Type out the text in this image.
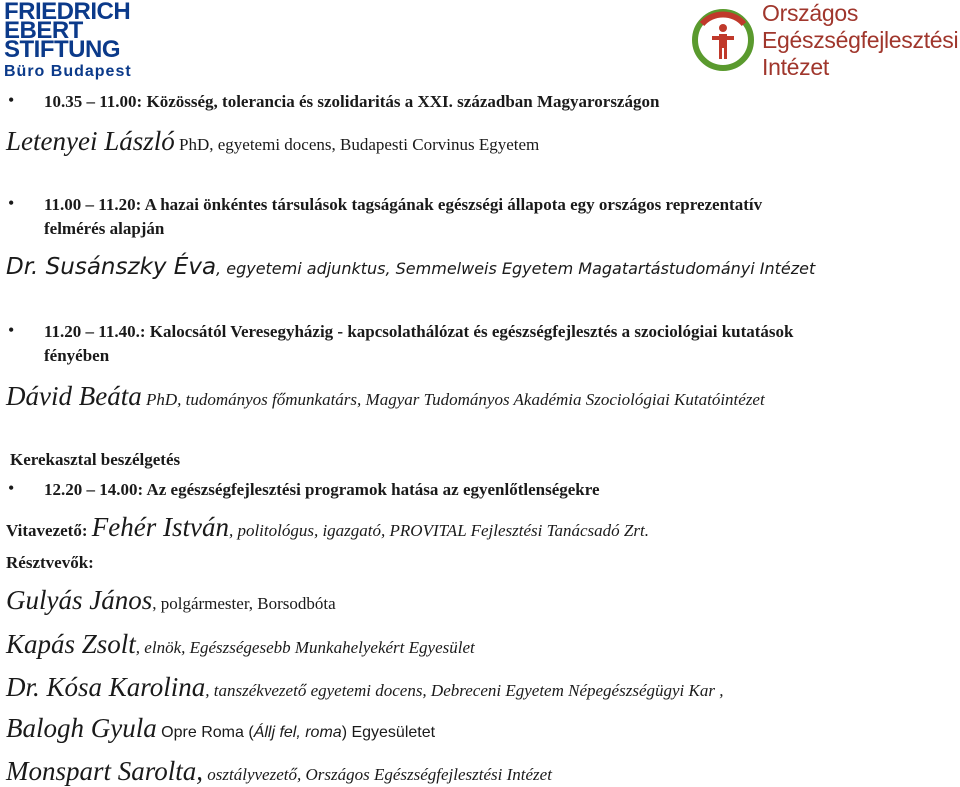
FRIEDRICH
EBERT
STIFTUNG
Büro Budapest
Országos
Egészségfejlesztési
Intézet
• 10.35 – 11.00: Közösség, tolerancia és szolidaritás a XXI. században Magyarországon
Letenyei László PhD, egyetemi docens, Budapesti Corvinus Egyetem
• 11.00 – 11.20: A hazai önkéntes társulások tagságának egészségi állapota egy országos reprezentatív
felmérés alapján
Dr. Susánszky Éva, egyetemi adjunktus, Semmelweis Egyetem Magatartástudományi Intézet
• 11.20 – 11.40.: Kalocsától Veresegyházig - kapcsolathálózat és egészségfejlesztés a szociológiai kutatások
fényében
Dávid Beáta PhD, tudományos főmunkatárs, Magyar Tudományos Akadémia Szociológiai Kutatóintézet
Kerekasztal beszélgetés
• 12.20 – 14.00: Az egészségfejlesztési programok hatása az egyenlőtlenségekre
Vitavezető: Fehér István, politológus, igazgató, PROVITAL Fejlesztési Tanácsadó Zrt.
Résztvevők:
Gulyás János, polgármester, Borsodbóta
Kapás Zsolt, elnök, Egészségesebb Munkahelyekért Egyesület
Dr. Kósa Karolina, tanszékvezető egyetemi docens, Debreceni Egyetem Népegészségügyi Kar ,
Balogh Gyula Opre Roma (Állj fel, roma) Egyesületet
Monspart Sarolta, osztályvezető, Országos Egészségfejlesztési Intézet
